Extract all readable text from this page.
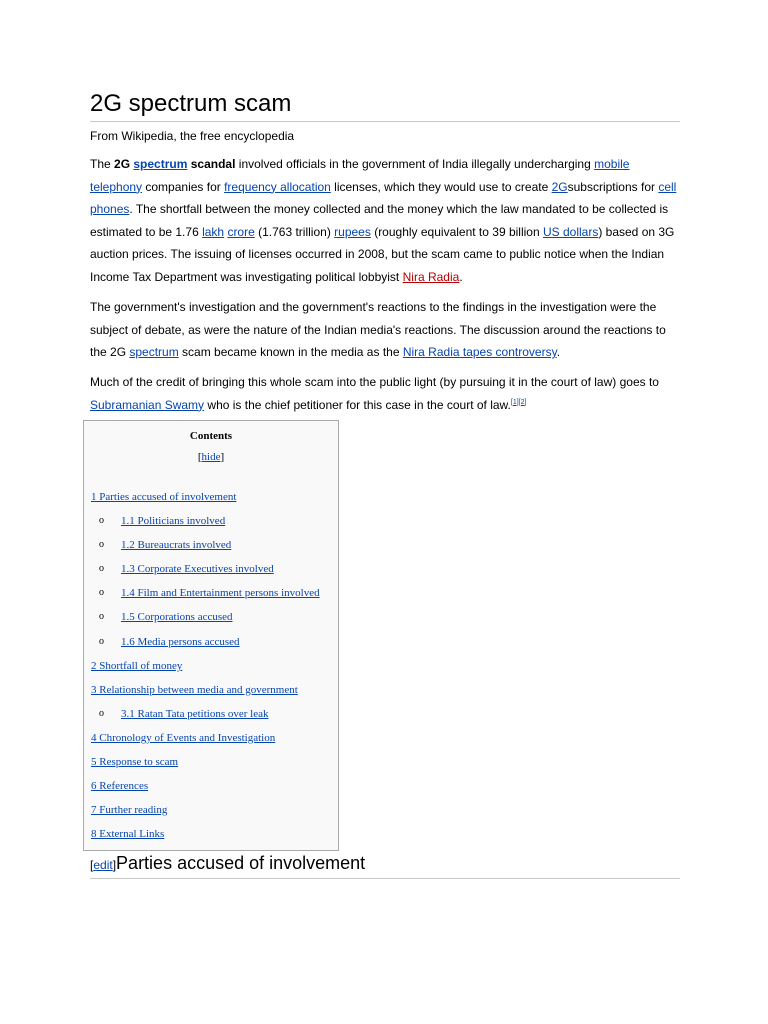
2G spectrum scam
From Wikipedia, the free encyclopedia

The 2G spectrum scandal involved officials in the government of India illegally undercharging mobile telephony companies for frequency allocation licenses, which they would use to create 2Gsubscriptions for cell phones. The shortfall between the money collected and the money which the law mandated to be collected is estimated to be 1.76 lakh crore (1.763 trillion) rupees (roughly equivalent to 39 billion US dollars) based on 3G auction prices. The issuing of licenses occurred in 2008, but the scam came to public notice when the Indian Income Tax Department was investigating political lobbyist Nira Radia.

The government's investigation and the government's reactions to the findings in the investigation were the subject of debate, as were the nature of the Indian media's reactions. The discussion around the reactions to the 2G spectrum scam became known in the media as the Nira Radia tapes controversy.

Much of the credit of bringing this whole scam into the public light (by pursuing it in the court of law) goes to Subramanian Swamy who is the chief petitioner for this case in the court of law.[1][2]

Contents
[hide]
1 Parties accused of involvement
o 1.1 Politicians involved
o 1.2 Bureaucrats involved
o 1.3 Corporate Executives involved
o 1.4 Film and Entertainment persons involved
o 1.5 Corporations accused
o 1.6 Media persons accused
2 Shortfall of money
3 Relationship between media and government
o 3.1 Ratan Tata petitions over leak
4 Chronology of Events and Investigation
5 Response to scam
6 References
7 Further reading
8 External Links
[edit]Parties accused of involvement
